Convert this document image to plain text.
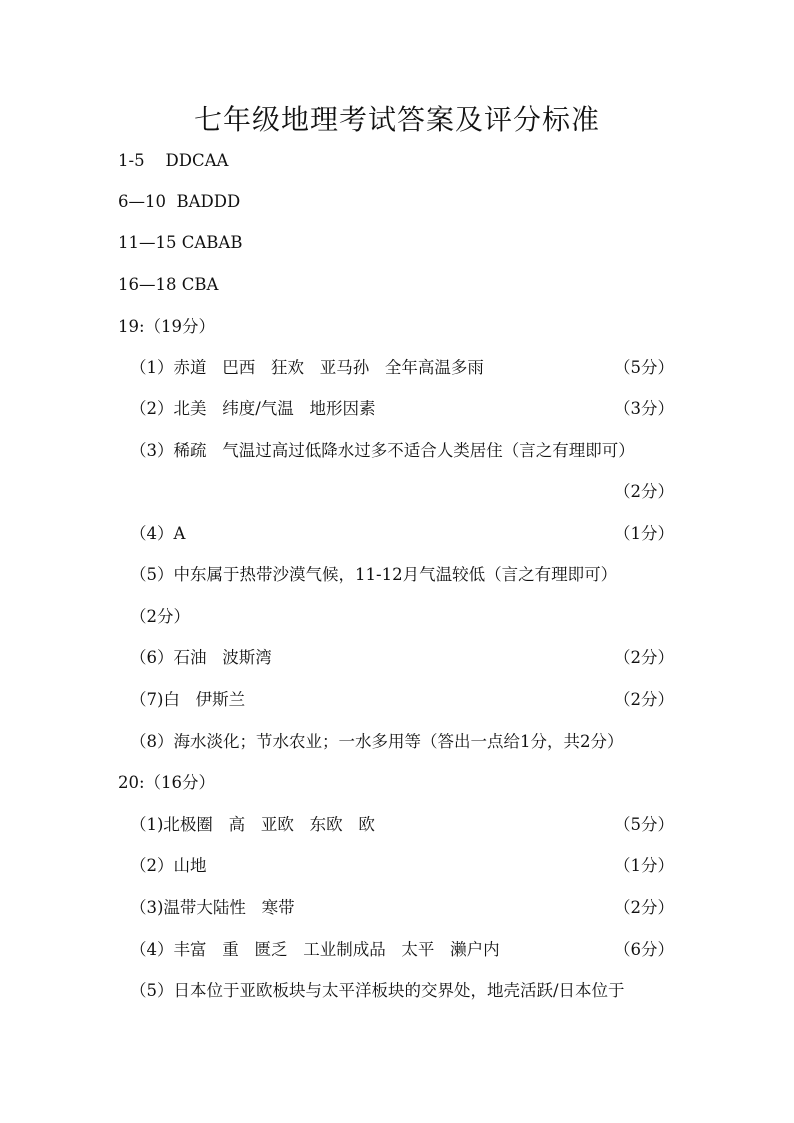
七年级地理考试答案及评分标准
1-5    DDCAA
6—10  BADDD
11—15 CABAB
16—18 CBA
19:（19分）
（1）赤道   巴西   狂欢   亚马孙   全年高温多雨	（5分）
（2）北美   纬度/气温   地形因素	（3分）
（3）稀疏   气温过高过低降水过多不适合人类居住（言之有理即可）
（2分）
（4）A	（1分）
（5）中东属于热带沙漠气候，11-12月气温较低（言之有理即可）
（2分）
（6）石油   波斯湾	（2分）
（7)白   伊斯兰	（2分）
（8）海水淡化；节水农业；一水多用等（答出一点给1分，共2分）
20:（16分）
（1)北极圈   高   亚欧   东欧   欧	（5分）
（2）山地	（1分）
（3)温带大陆性   寒带	（2分）
（4）丰富   重   匮乏   工业制成品   太平   濑户内	（6分）
（5）日本位于亚欧板块与太平洋板块的交界处，地壳活跃/日本位于
